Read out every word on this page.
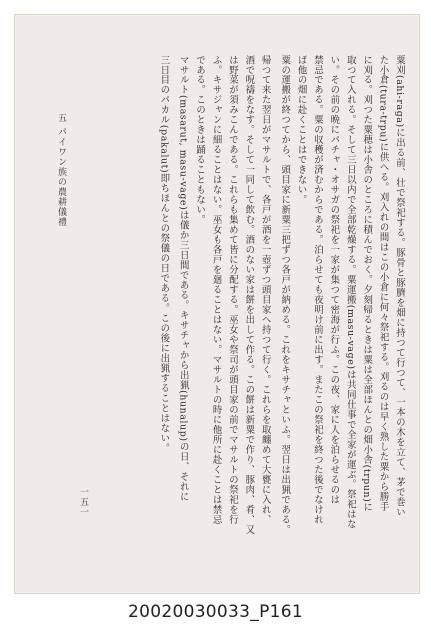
粟刈(ahi-raga)に出る前、壮で祭祀する。豚骨と豚臍を畑に持つて行つて、一本の木を立て、茅で巻い
た小倉(tura-trpu)に供へる。刈入れの間はこの小倉に何々祭祀する。刈るのは早く熟した粟から勝手
に刈る。刈つた粟穂は小舎のところに積んでおく。夕刻帰るときは粟は全部ほんとの畑小舎(trpun)に
取つて入れる。そして三日以内で全部乾燥する。粟運搬(masu-vage)は共同仕事で全家が運ぶ。祭祀はな
い。その前の晩にパチャ・オサガの祭祀を一家が集つて密海が行ふ。この夜、家に人を泊らせるのは
禁忌である。粟の収穫が済むからである。泊らせても夜明け前に出す。またこの祭祀を終つた後でなけれ
ば他の畑に赴くことはできない。
粟の運搬が終つてから、頭目家に新粟三把ずつ各戸が納める。これをキサチャといふ。翌日は出猟である。
帰つて来た翌日がマサルトで、各戸が酒を一壺ずつ頭目家へ持つて行く。これらを取纏めて大甕に入れ、
酒で呪禱をなす。そして一同して飲む。酒のない家は餅を出して作る。この餅は新粟で作り、豚肉、肴、又
は野菜が須みこんである。これらも集めて皆に分配する。巫女や祭司が頭目家の前でマサルトの祭祀を行
ふ。キサジャンに細ることはない。巫女も各戸を廻ることはない。マサルトの時に他所に赴くことは禁忌
である。このときは踊ることもない。
マサルト(masarut, masu-vage)は儀か三日間である。キサチャから出猟(hunalup)の日、それに
三日目のパカル(pakalut)即ちほんとの祭儀の日である。この後に出猟することはない。
五 パイワン族の農耕儀禮
一五一
20020030033_P161
